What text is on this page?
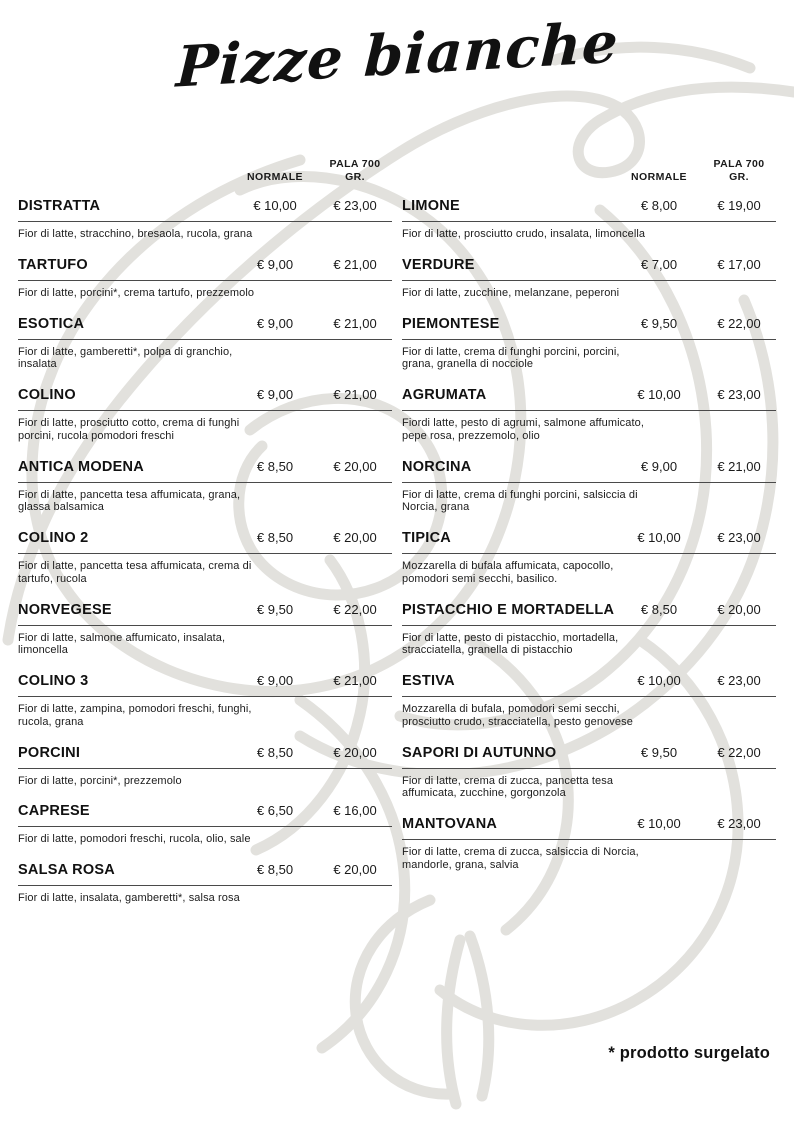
Pizze bianche
NORMALE
PALA 700
GR.
DISTRATTA	€ 10,00	€ 23,00
Fior di latte, stracchino, bresaola, rucola, grana
TARTUFO	€ 9,00	€ 21,00
Fior di latte, porcini*, crema tartufo, prezzemolo
ESOTICA	€ 9,00	€ 21,00
Fior di latte, gamberetti*, polpa di granchio, insalata
COLINO	€ 9,00	€ 21,00
Fior di latte, prosciutto cotto, crema di funghi porcini, rucola pomodori freschi
ANTICA MODENA	€ 8,50	€ 20,00
Fior di latte, pancetta tesa affumicata, grana, glassa balsamica
COLINO 2	€ 8,50	€ 20,00
Fior di latte, pancetta tesa affumicata, crema di tartufo, rucola
NORVEGESE	€ 9,50	€ 22,00
Fior di latte, salmone affumicato, insalata, limoncella
COLINO 3	€ 9,00	€ 21,00
Fior di latte, zampina, pomodori freschi, funghi, rucola, grana
PORCINI	€ 8,50	€ 20,00
Fior di latte, porcini*, prezzemolo
CAPRESE	€ 6,50	€ 16,00
Fior di latte, pomodori freschi, rucola, olio, sale
SALSA ROSA	€ 8,50	€ 20,00
Fior di latte, insalata, gamberetti*, salsa rosa
NORMALE
PALA 700
GR.
LIMONE	€ 8,00	€ 19,00
Fior di latte, prosciutto crudo, insalata, limoncella
VERDURE	€ 7,00	€ 17,00
Fior di latte, zucchine, melanzane, peperoni
PIEMONTESE	€ 9,50	€ 22,00
Fior di latte, crema di funghi porcini, porcini, grana, granella di nocciole
AGRUMATA	€ 10,00	€ 23,00
Fiordi latte, pesto di agrumi, salmone affumicato, pepe rosa, prezzemolo, olio
NORCINA	€ 9,00	€ 21,00
Fior di latte, crema di funghi porcini, salsiccia di Norcia, grana
TIPICA	€ 10,00	€ 23,00
Mozzarella di bufala affumicata, capocollo, pomodori semi secchi, basilico.
PISTACCHIO E MORTADELLA	€ 8,50	€ 20,00
Fior di latte, pesto di pistacchio, mortadella, stracciatella, granella di pistacchio
ESTIVA	€ 10,00	€ 23,00
Mozzarella di bufala, pomodori semi secchi, prosciutto crudo, stracciatella, pesto genovese
SAPORI DI AUTUNNO	€ 9,50	€ 22,00
Fior di latte, crema di zucca, pancetta tesa affumicata, zucchine, gorgonzola
MANTOVANA	€ 10,00	€ 23,00
Fior di latte, crema di zucca, salsiccia di Norcia, mandorle, grana, salvia
* prodotto surgelato
